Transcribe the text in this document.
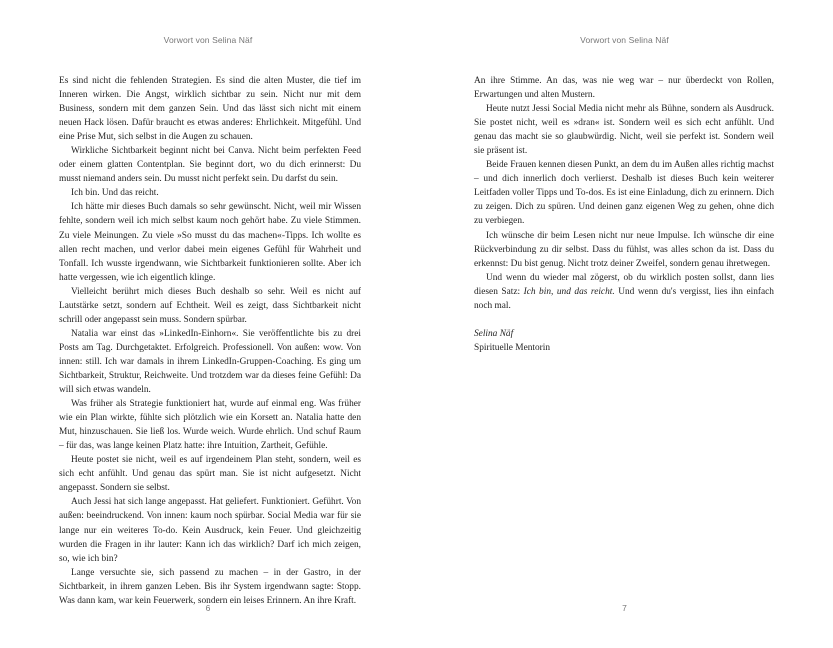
Vorwort von Selina Näf

Es sind nicht die fehlenden Strategien. Es sind die alten Muster, die tief im Inneren wirken. Die Angst, wirklich sichtbar zu sein. Nicht nur mit dem Business, sondern mit dem ganzen Sein. Und das lässt sich nicht mit einem neuen Hack lösen. Dafür braucht es etwas anderes: Ehrlichkeit. Mitgefühl. Und eine Prise Mut, sich selbst in die Augen zu schauen.

Wirkliche Sichtbarkeit beginnt nicht bei Canva. Nicht beim perfekten Feed oder einem glatten Contentplan. Sie beginnt dort, wo du dich erinnerst: Du musst niemand anders sein. Du musst nicht perfekt sein. Du darfst du sein.

Ich bin. Und das reicht.

Ich hätte mir dieses Buch damals so sehr gewünscht. Nicht, weil mir Wissen fehlte, sondern weil ich mich selbst kaum noch gehört habe. Zu viele Stimmen. Zu viele Meinungen. Zu viele »So musst du das machen«-Tipps. Ich wollte es allen recht machen, und verlor dabei mein eigenes Gefühl für Wahrheit und Tonfall. Ich wusste irgendwann, wie Sichtbarkeit funktionieren sollte. Aber ich hatte vergessen, wie ich eigentlich klinge.

Vielleicht berührt mich dieses Buch deshalb so sehr. Weil es nicht auf Lautstärke setzt, sondern auf Echtheit. Weil es zeigt, dass Sichtbarkeit nicht schrill oder angepasst sein muss. Sondern spürbar.

Natalia war einst das »LinkedIn-Einhorn«. Sie veröffentlichte bis zu drei Posts am Tag. Durchgetaktet. Erfolgreich. Professionell. Von außen: wow. Von innen: still. Ich war damals in ihrem LinkedIn-Gruppen-Coaching. Es ging um Sichtbarkeit, Struktur, Reichweite. Und trotzdem war da dieses feine Gefühl: Da will sich etwas wandeln.

Was früher als Strategie funktioniert hat, wurde auf einmal eng. Was früher wie ein Plan wirkte, fühlte sich plötzlich wie ein Korsett an. Natalia hatte den Mut, hinzuschauen. Sie ließ los. Wurde weich. Wurde ehrlich. Und schuf Raum – für das, was lange keinen Platz hatte: ihre Intuition, Zartheit, Gefühle.

Heute postet sie nicht, weil es auf irgendeinem Plan steht, sondern, weil es sich echt anfühlt. Und genau das spürt man. Sie ist nicht aufgesetzt. Nicht angepasst. Sondern sie selbst.

Auch Jessi hat sich lange angepasst. Hat geliefert. Funktioniert. Geführt. Von außen: beeindruckend. Von innen: kaum noch spürbar. Social Media war für sie lange nur ein weiteres To-do. Kein Ausdruck, kein Feuer. Und gleichzeitig wurden die Fragen in ihr lauter: Kann ich das wirklich? Darf ich mich zeigen, so, wie ich bin?

Lange versuchte sie, sich passend zu machen – in der Gastro, in der Sichtbarkeit, in ihrem ganzen Leben. Bis ihr System irgendwann sagte: Stopp. Was dann kam, war kein Feuerwerk, sondern ein leises Erinnern. An ihre Kraft.

6
Vorwort von Selina Näf

An ihre Stimme. An das, was nie weg war – nur überdeckt von Rollen, Erwartungen und alten Mustern.

Heute nutzt Jessi Social Media nicht mehr als Bühne, sondern als Ausdruck. Sie postet nicht, weil es »dran« ist. Sondern weil es sich echt anfühlt. Und genau das macht sie so glaubwürdig. Nicht, weil sie perfekt ist. Sondern weil sie präsent ist.

Beide Frauen kennen diesen Punkt, an dem du im Außen alles richtig machst – und dich innerlich doch verlierst. Deshalb ist dieses Buch kein weiterer Leitfaden voller Tipps und To-dos. Es ist eine Einladung, dich zu erinnern. Dich zu zeigen. Dich zu spüren. Und deinen ganz eigenen Weg zu gehen, ohne dich zu verbiegen.

Ich wünsche dir beim Lesen nicht nur neue Impulse. Ich wünsche dir eine Rückverbindung zu dir selbst. Dass du fühlst, was alles schon da ist. Dass du erkennst: Du bist genug. Nicht trotz deiner Zweifel, sondern genau ihretwegen.

Und wenn du wieder mal zögerst, ob du wirklich posten sollst, dann lies diesen Satz: Ich bin, und das reicht. Und wenn du's vergisst, lies ihn einfach noch mal.

Selina Näf
Spirituelle Mentorin
7
